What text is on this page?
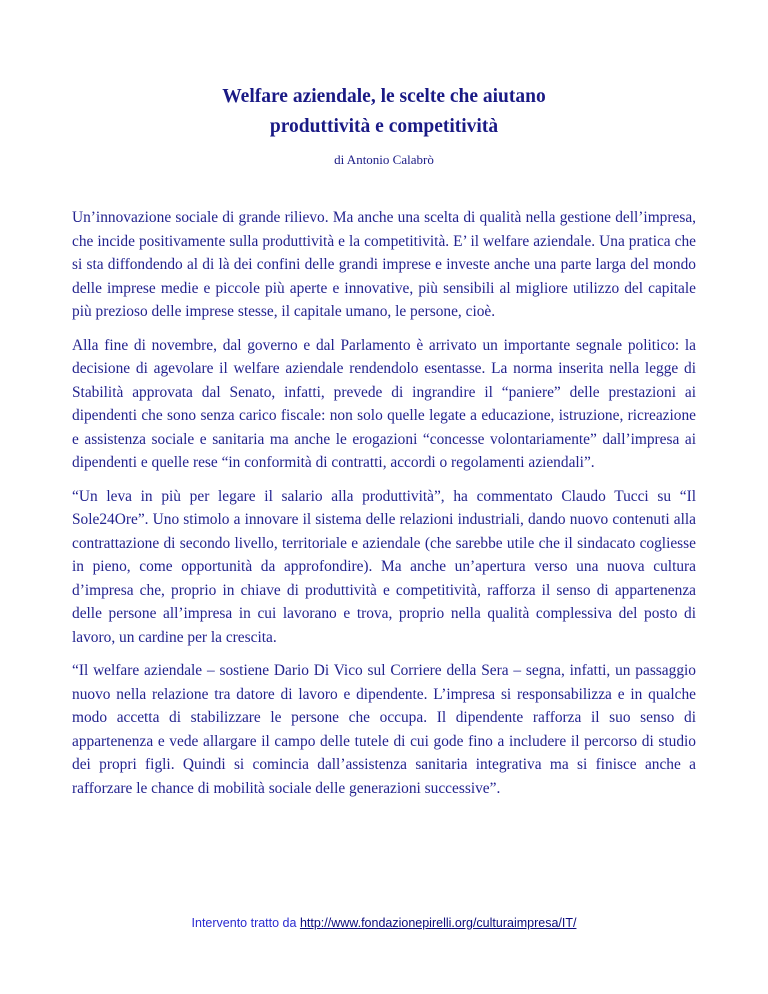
Welfare aziendale, le scelte che aiutano
produttività e competitività
di Antonio Calabrò

Un’innovazione sociale di grande rilievo. Ma anche una scelta di qualità nella gestione dell’impresa, che incide positivamente sulla produttività e la competitività. E’ il welfare aziendale. Una pratica che si sta diffondendo al di là dei confini delle grandi imprese e investe anche una parte larga del mondo delle imprese medie e piccole più aperte e innovative, più sensibili al migliore utilizzo del capitale più prezioso delle imprese stesse, il capitale umano, le persone, cioè.

Alla fine di novembre, dal governo e dal Parlamento è arrivato un importante segnale politico: la decisione di agevolare il welfare aziendale rendendolo esentasse. La norma inserita nella legge di Stabilità approvata dal Senato, infatti, prevede di ingrandire il “paniere” delle prestazioni ai dipendenti che sono senza carico fiscale: non solo quelle legate a educazione, istruzione, ricreazione e assistenza sociale e sanitaria ma anche le erogazioni “concesse volontariamente” dall’impresa ai dipendenti e quelle rese “in conformità di contratti, accordi o regolamenti aziendali”.

“Un leva in più per legare il salario alla produttività”, ha commentato Claudo Tucci su “Il Sole24Ore”. Uno stimolo a innovare il sistema delle relazioni industriali, dando nuovo contenuti alla contrattazione di secondo livello, territoriale e aziendale (che sarebbe utile che il sindacato cogliesse in pieno, come opportunità da approfondire). Ma anche un’apertura verso una nuova cultura d’impresa che, proprio in chiave di produttività e competitività, rafforza il senso di appartenenza delle persone all’impresa in cui lavorano e trova, proprio nella qualità complessiva del posto di lavoro, un cardine per la crescita.

“Il welfare aziendale – sostiene Dario Di Vico sul Corriere della Sera – segna, infatti, un passaggio nuovo nella relazione tra datore di lavoro e dipendente. L’impresa si responsabilizza e in qualche modo accetta di stabilizzare le persone che occupa. Il dipendente rafforza il suo senso di appartenenza e vede allargare il campo delle tutele di cui gode fino a includere il percorso di studio dei propri figli. Quindi si comincia dall’assistenza sanitaria integrativa ma si finisce anche a rafforzare le chance di mobilità sociale delle generazioni successive”.

Intervento tratto da http://www.fondazionepirelli.org/culturaimpresa/IT/
